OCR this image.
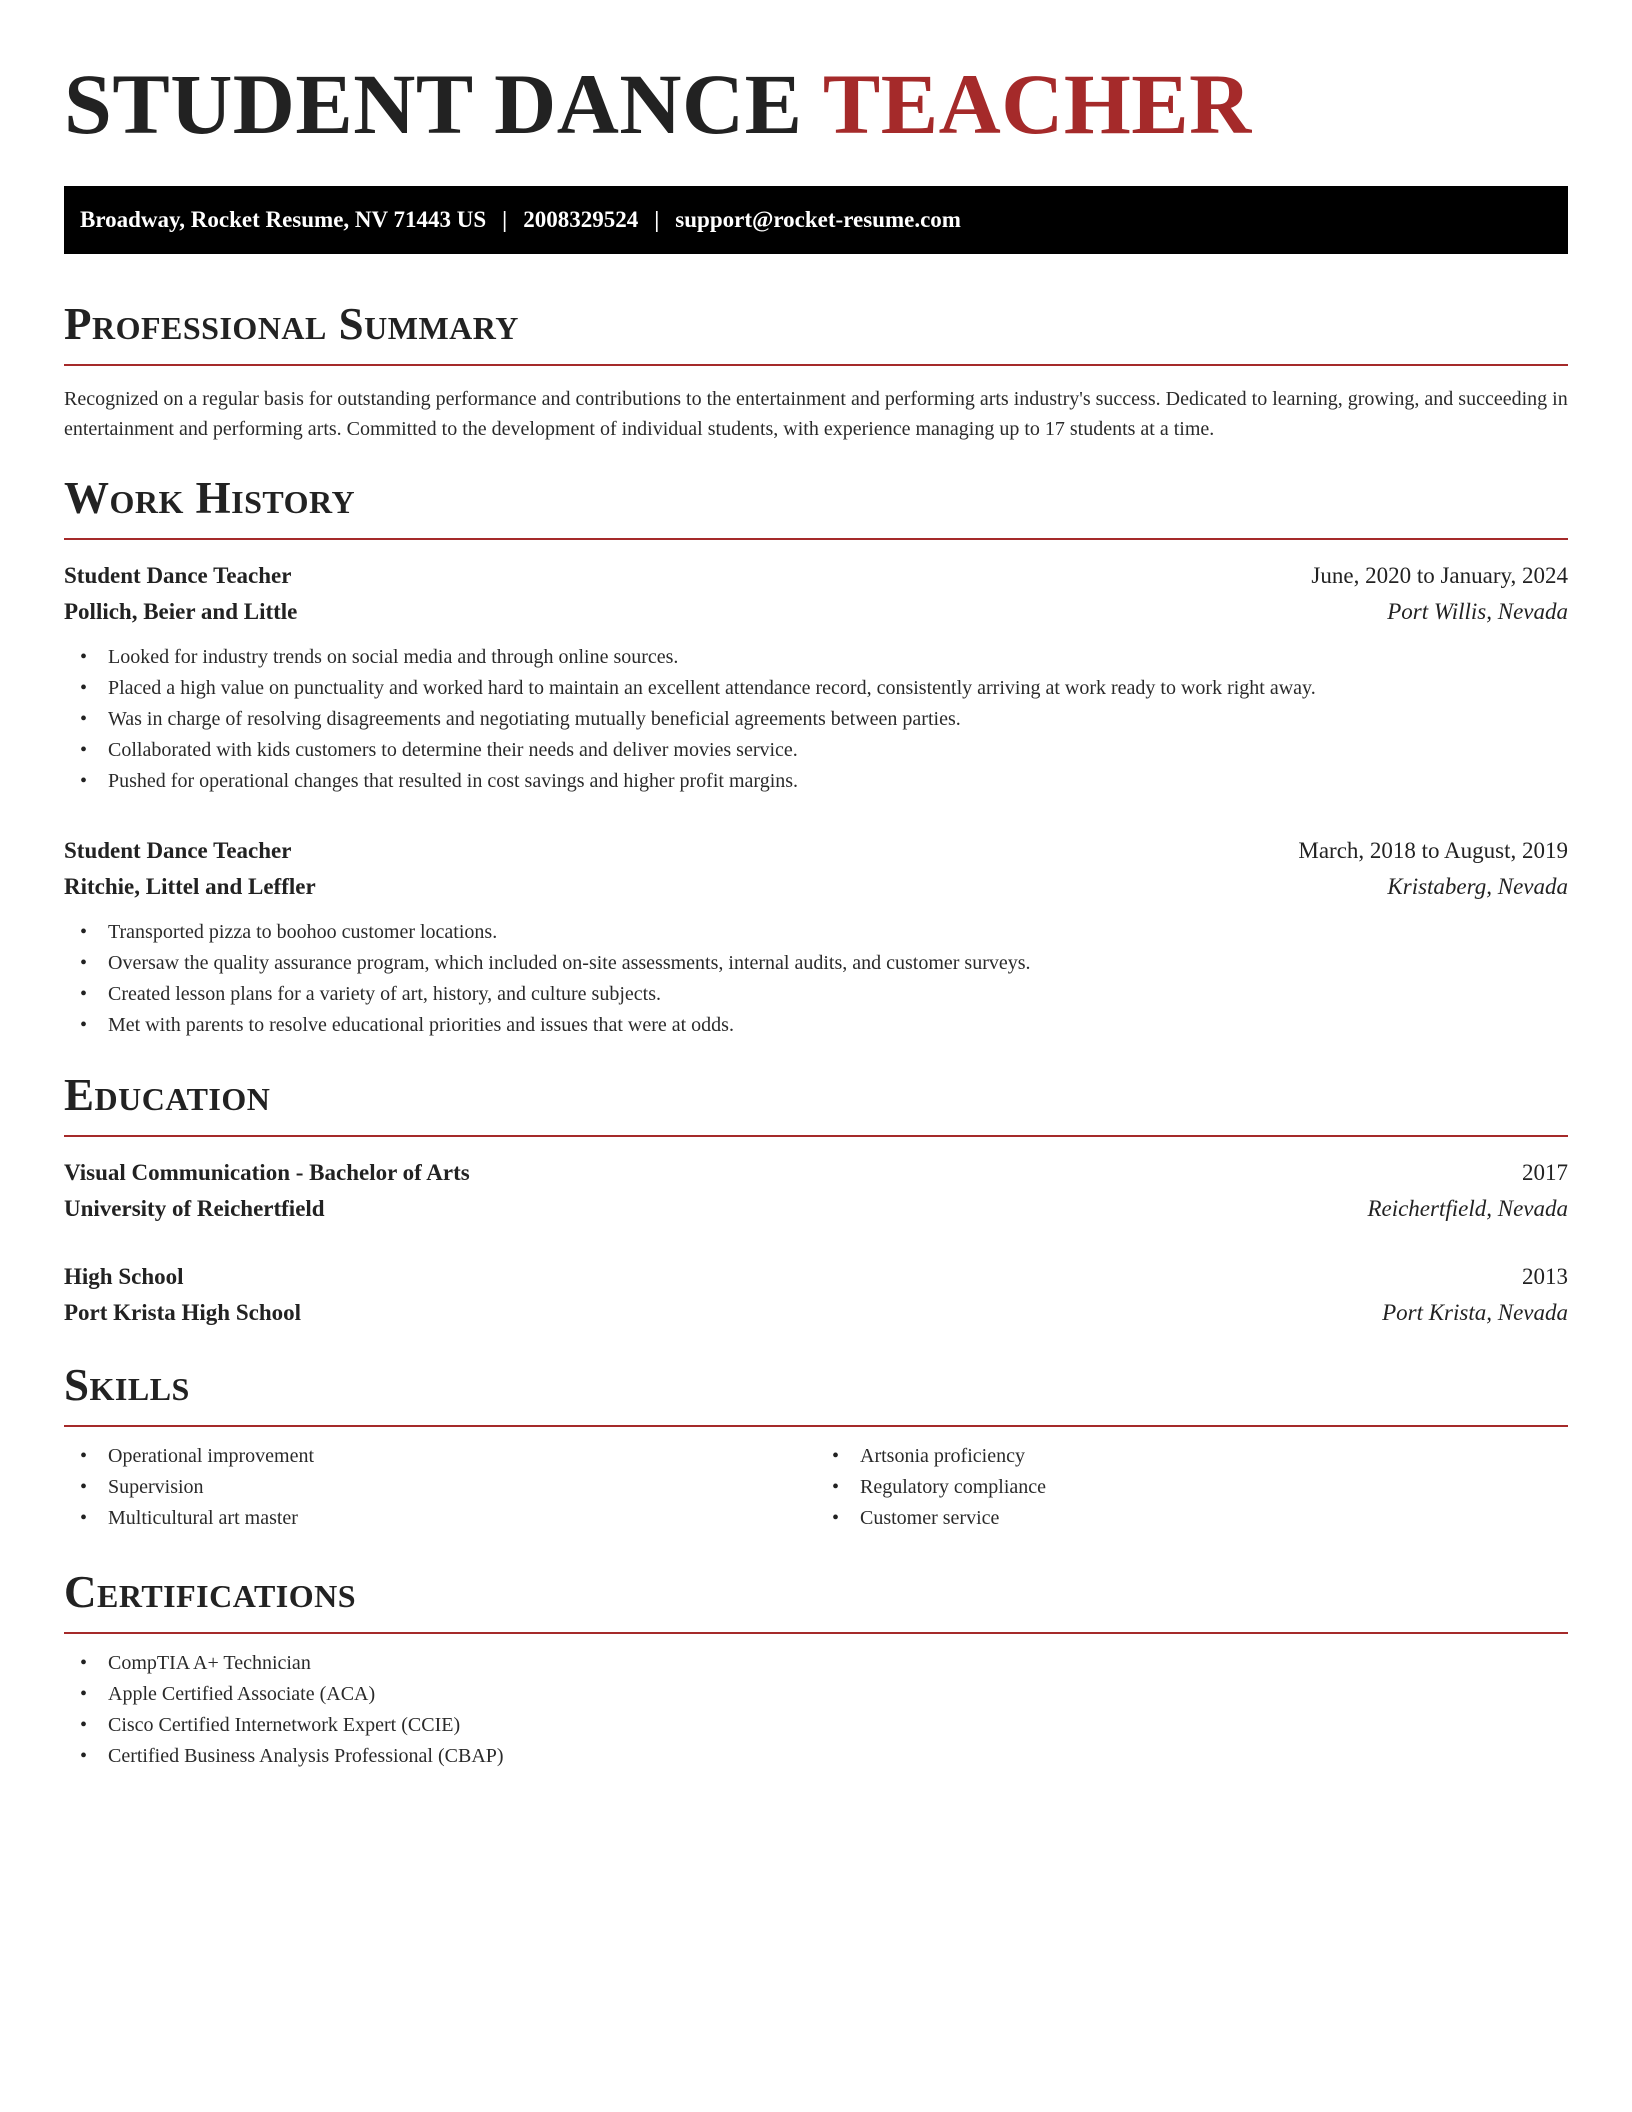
STUDENT DANCE TEACHER
Broadway, Rocket Resume, NV 71443 US | 2008329524 | support@rocket-resume.com
Professional Summary

Recognized on a regular basis for outstanding performance and contributions to the entertainment and performing arts industry's success. Dedicated to learning, growing, and succeeding in entertainment and performing arts. Committed to the development of individual students, with experience managing up to 17 students at a time.

Work History
Student Dance Teacher	June, 2020 to January, 2024
Pollich, Beier and Little	Port Willis, Nevada
• Looked for industry trends on social media and through online sources.
• Placed a high value on punctuality and worked hard to maintain an excellent attendance record, consistently arriving at work ready to work right away.
• Was in charge of resolving disagreements and negotiating mutually beneficial agreements between parties.
• Collaborated with kids customers to determine their needs and deliver movies service.
• Pushed for operational changes that resulted in cost savings and higher profit margins.
Student Dance Teacher	March, 2018 to August, 2019
Ritchie, Littel and Leffler	Kristaberg, Nevada
• Transported pizza to boohoo customer locations.
• Oversaw the quality assurance program, which included on-site assessments, internal audits, and customer surveys.
• Created lesson plans for a variety of art, history, and culture subjects.
• Met with parents to resolve educational priorities and issues that were at odds.
Education
Visual Communication - Bachelor of Arts	2017
University of Reichertfield	Reichertfield, Nevada
High School	2013
Port Krista High School	Port Krista, Nevada
Skills
• Operational improvement
• Supervision
• Multicultural art master
• Artsonia proficiency
• Regulatory compliance
• Customer service
Certifications
• CompTIA A+ Technician
• Apple Certified Associate (ACA)
• Cisco Certified Internetwork Expert (CCIE)
• Certified Business Analysis Professional (CBAP)
